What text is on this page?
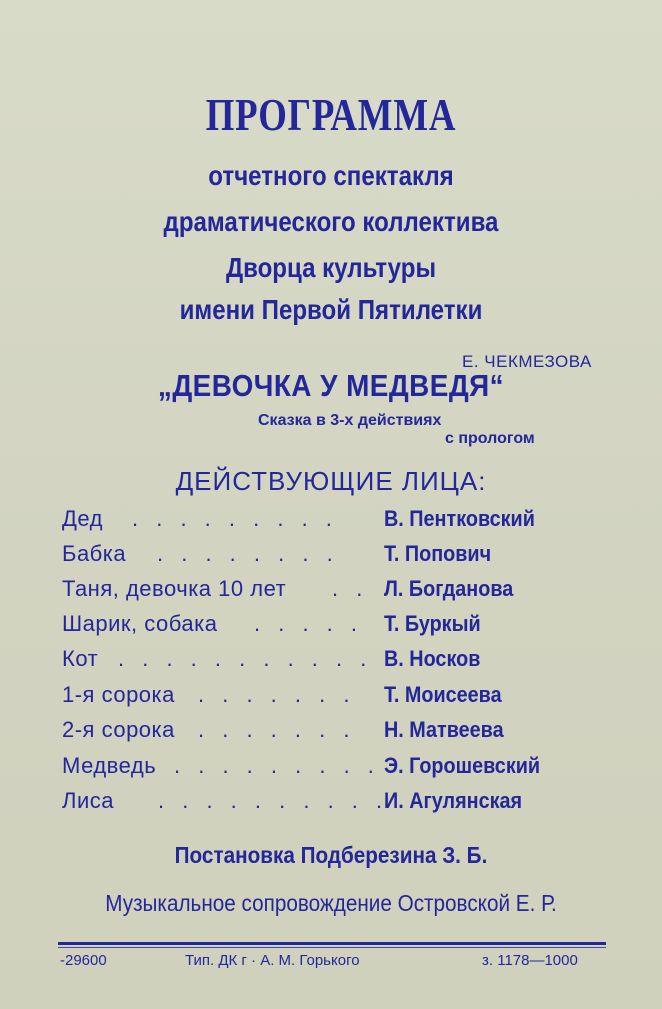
ПРОГРАММА
отчетного спектакля
драматического коллектива
Дворца культуры
имени Первой Пятилетки
Е. ЧЕКМЕЗОВА
„ДЕВОЧКА У МЕДВЕДЯ“
Сказка в 3-х действиях
с прологом
ДЕЙСТВУЮЩИЕ ЛИЦА:
Дед . . . . . . . . . В. Пентковский
Бабка . . . . . . . . Т. Попович
Таня, девочка 10 лет . . Л. Богданова
Шарик, собака . . . . . Т. Буркый
Кот . . . . . . . . . . . В. Носков
1-я сорока . . . . . . . Т. Моисеева
2-я сорока . . . . . . . Н. Матвеева
Медведь . . . . . . . . . Э. Горошевский
Лиса . . . . . . . . . .
И. Агулянская
Постановка Подберезина З. Б.
Музыкальное сопровождение Островской Е. Р.
-29600	Тип. ДК г · А. М. Горького	з. 1178—1000
